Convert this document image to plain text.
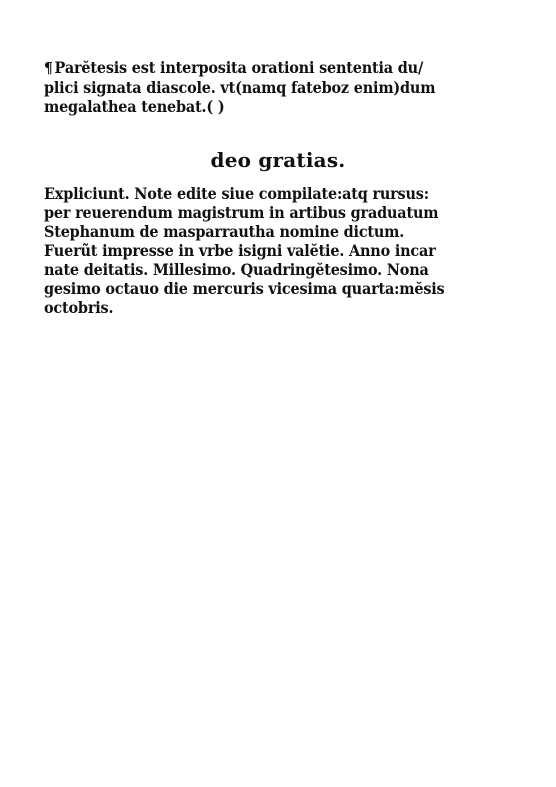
¶ Parĕtesis est interposita orationi sententia du/
plici signata diascole. vt(namq fateboz enim)dum
megalathea tenebat.( )
deo gratias.
Expliciunt. Note edite siue compilate:atq rursus:
per reuerendum magistrum in artibus graduatum
Stephanum de masparrautha nomine dictum.
Fuerũt impresse in vrbe isigni valĕtie. Anno incar
nate deitatis. Millesimo. Quadringĕtesimo. Nona
gesimo octauo die mercuris vicesima quarta:mĕsis
octobris.
